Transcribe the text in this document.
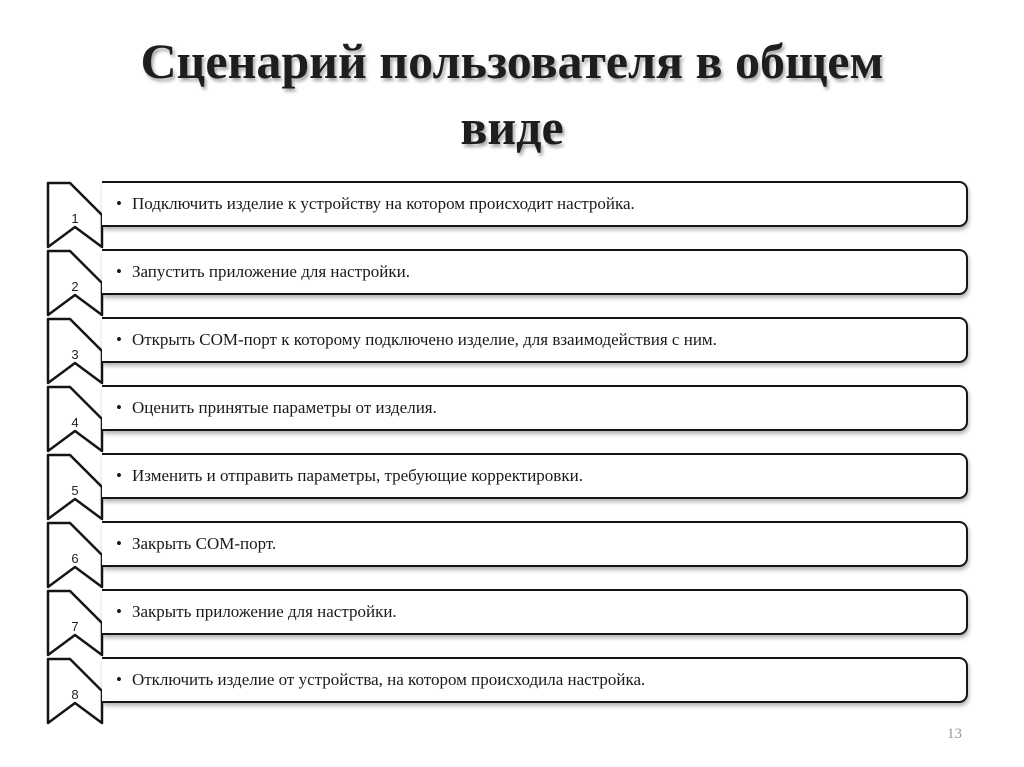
Сценарий пользователя в общем
виде
1
• Подключить изделие к устройству на котором происходит настройка.
2
• Запустить приложение для настройки.
3
• Открыть COM-порт к которому подключено изделие, для взаимодействия с ним.
4
• Оценить принятые параметры от изделия.
5
• Изменить и отправить параметры, требующие корректировки.
6
• Закрыть COM-порт.
7
• Закрыть приложение для настройки.
8
• Отключить изделие от устройства, на котором происходила настройка.
13
